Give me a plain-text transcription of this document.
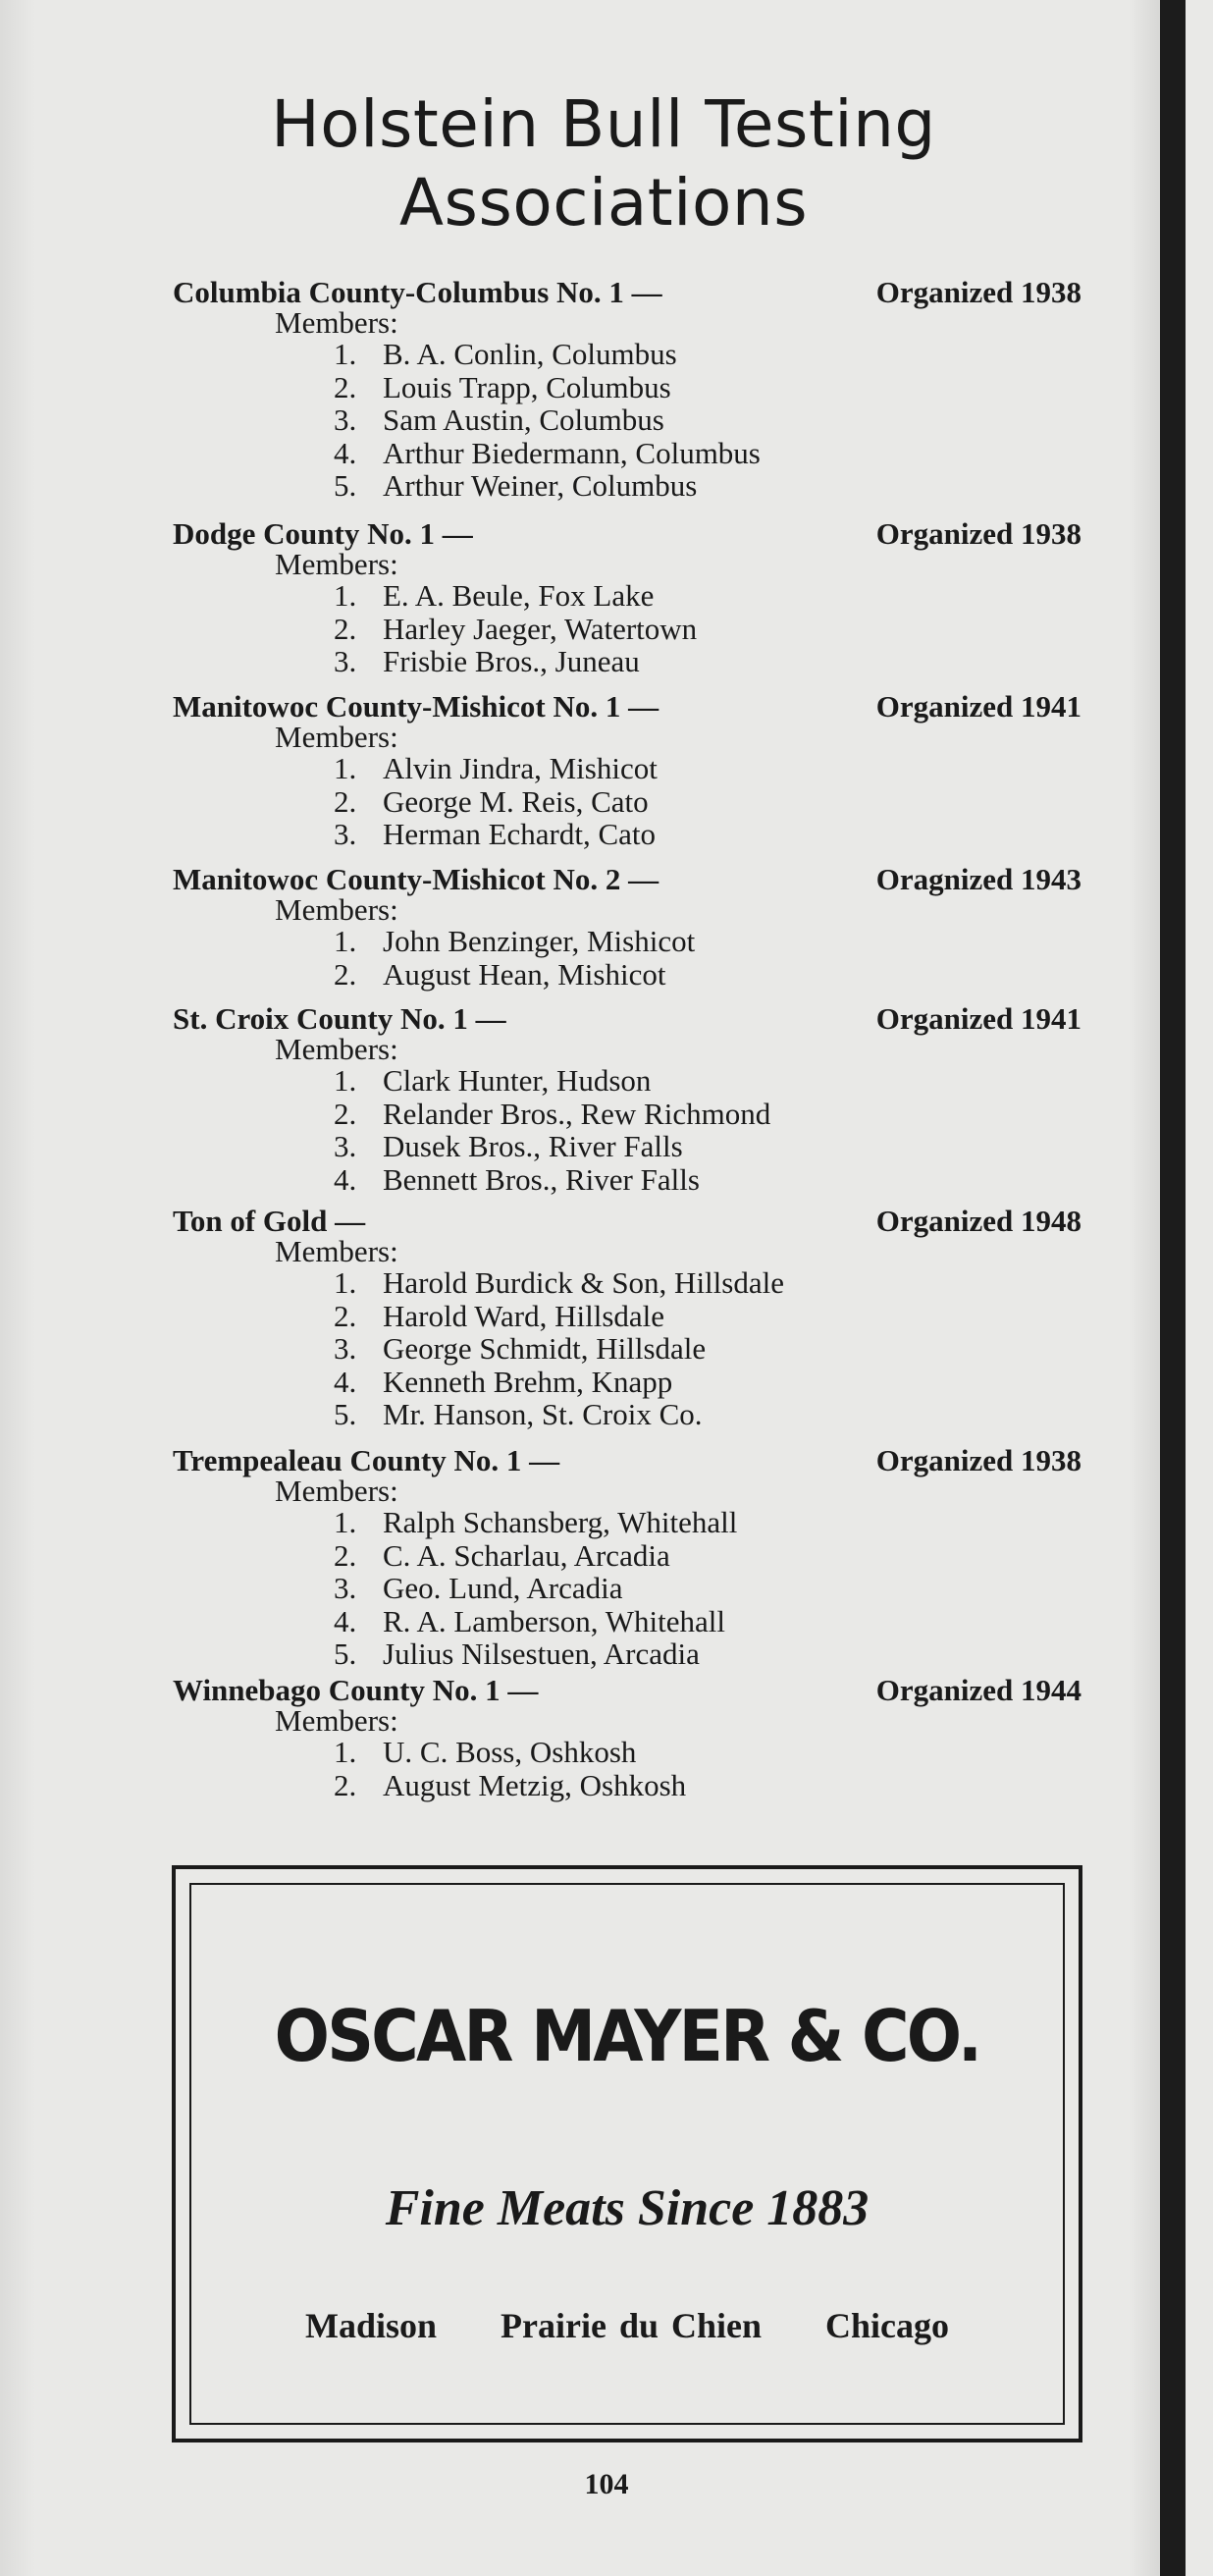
Holstein Bull Testing
Associations
Columbia County-Columbus No. 1 —	Organized 1938
Members:
1. B. A. Conlin, Columbus
2. Louis Trapp, Columbus
3. Sam Austin, Columbus
4. Arthur Biedermann, Columbus
5. Arthur Weiner, Columbus
Dodge County No. 1 —	Organized 1938
Members:
1. E. A. Beule, Fox Lake
2. Harley Jaeger, Watertown
3. Frisbie Bros., Juneau
Manitowoc County-Mishicot No. 1 —	Organized 1941
Members:
1. Alvin Jindra, Mishicot
2. George M. Reis, Cato
3. Herman Echardt, Cato
Manitowoc County-Mishicot No. 2 —	Oragnized 1943
Members:
1. John Benzinger, Mishicot
2. August Hean, Mishicot
St. Croix County No. 1 —	Organized 1941
Members:
1. Clark Hunter, Hudson
2. Relander Bros., Rew Richmond
3. Dusek Bros., River Falls
4. Bennett Bros., River Falls
Ton of Gold —	Organized 1948
Members:
1. Harold Burdick & Son, Hillsdale
2. Harold Ward, Hillsdale
3. George Schmidt, Hillsdale
4. Kenneth Brehm, Knapp
5. Mr. Hanson, St. Croix Co.
Trempealeau County No. 1 —	Organized 1938
Members:
1. Ralph Schansberg, Whitehall
2. C. A. Scharlau, Arcadia
3. Geo. Lund, Arcadia
4. R. A. Lamberson, Whitehall
5. Julius Nilsestuen, Arcadia
Winnebago County No. 1 —	Organized 1944
Members:
1. U. C. Boss, Oshkosh
2. August Metzig, Oshkosh
OSCAR MAYER & CO.
Fine Meats Since 1883
Madison Prairie du Chien Chicago
104
